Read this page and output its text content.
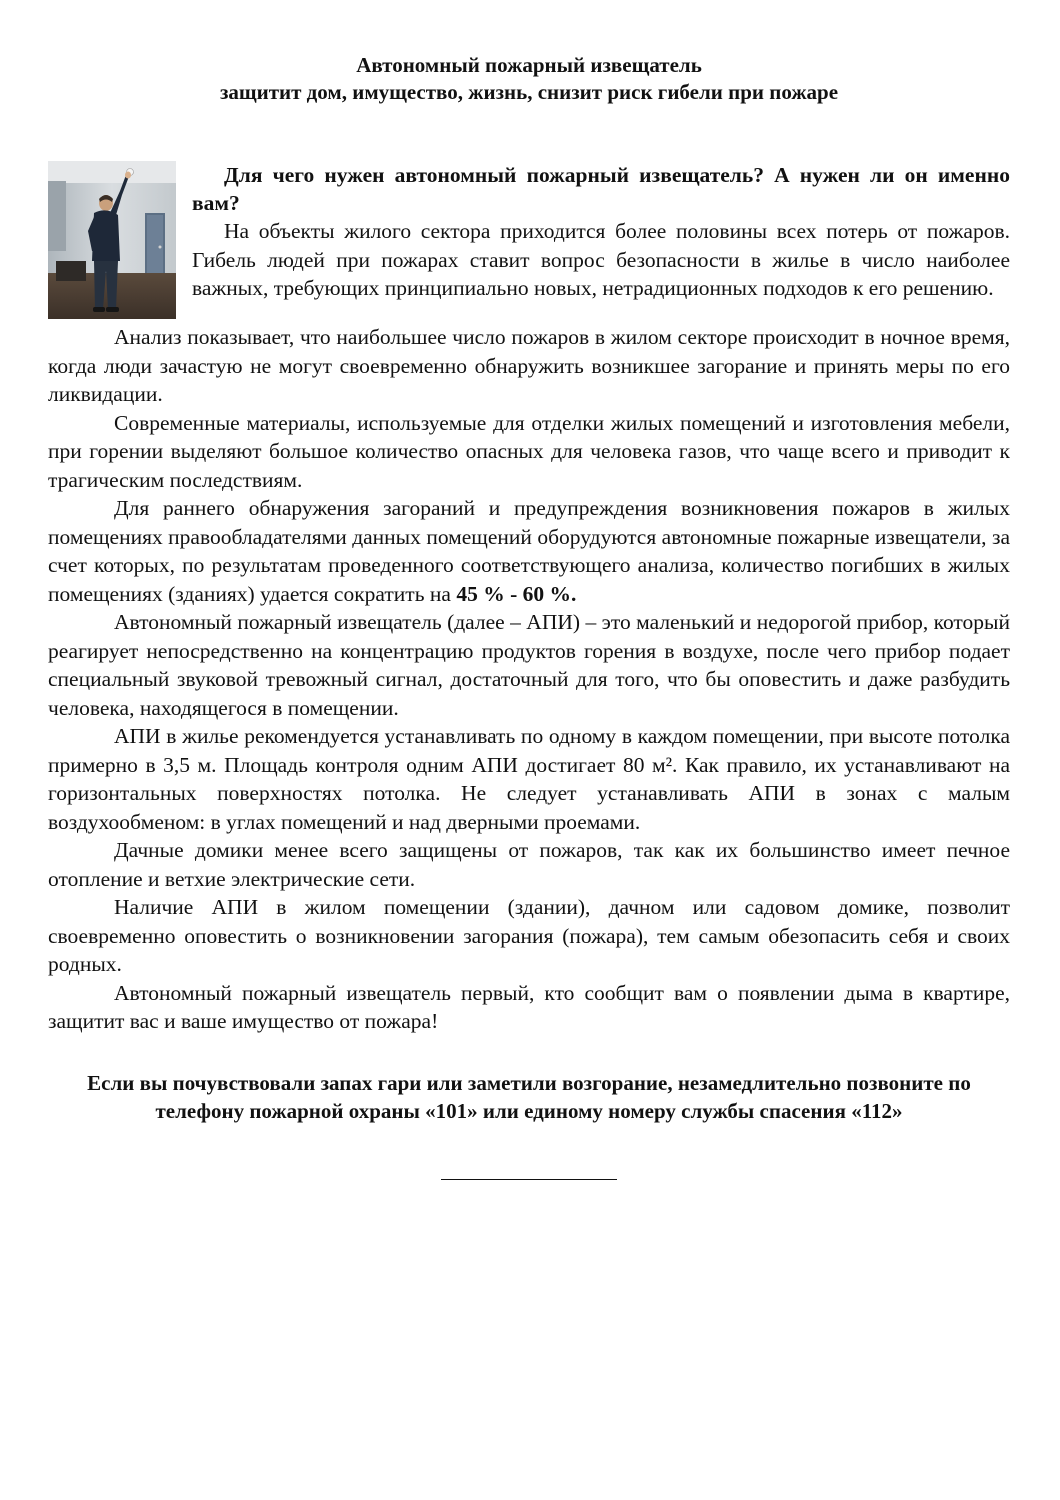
Автономный пожарный извещатель
защитит дом, имущество, жизнь, снизит риск гибели при пожаре
Для чего нужен автономный пожарный извещатель? А нужен ли он именно вам?

На объекты жилого сектора приходится более половины всех потерь от пожаров. Гибель людей при пожарах ставит вопрос безопасности в жилье в число наиболее важных, требующих принципиально новых, нетрадиционных подходов к его решению.

Анализ показывает, что наибольшее число пожаров в жилом секторе происходит в ночное время, когда люди зачастую не могут своевременно обнаружить возникшее загорание и принять меры по его ликвидации.

Современные материалы, используемые для отделки жилых помещений и изготовления мебели, при горении выделяют большое количество опасных для человека газов, что чаще всего и приводит к трагическим последствиям.

Для раннего обнаружения загораний и предупреждения возникновения пожаров в жилых помещениях правообладателями данных помещений оборудуются автономные пожарные извещатели, за счет которых, по результатам проведенного соответствующего анализа, количество погибших в жилых помещениях (зданиях) удается сократить на 45 % - 60 %.

Автономный пожарный извещатель (далее – АПИ) – это маленький и недорогой прибор, который реагирует непосредственно на концентрацию продуктов горения в воздухе, после чего прибор подает специальный звуковой тревожный сигнал, достаточный для того, что бы оповестить и даже разбудить человека, находящегося в помещении.

АПИ в жилье рекомендуется устанавливать по одному в каждом помещении, при высоте потолка примерно в 3,5 м. Площадь контроля одним АПИ достигает 80 м². Как правило, их устанавливают на горизонтальных поверхностях потолка. Не следует устанавливать АПИ в зонах с малым воздухообменом: в углах помещений и над дверными проемами.

Дачные домики менее всего защищены от пожаров, так как их большинство имеет печное отопление и ветхие электрические сети.

Наличие АПИ в жилом помещении (здании), дачном или садовом домике, позволит своевременно оповестить о возникновении загорания (пожара), тем самым обезопасить себя и своих родных.

Автономный пожарный извещатель первый, кто сообщит вам о появлении дыма в квартире, защитит вас и ваше имущество от пожара!

Если вы почувствовали запах гари или заметили возгорание, незамедлительно позвоните по телефону пожарной охраны «101» или единому номеру службы спасения «112»
